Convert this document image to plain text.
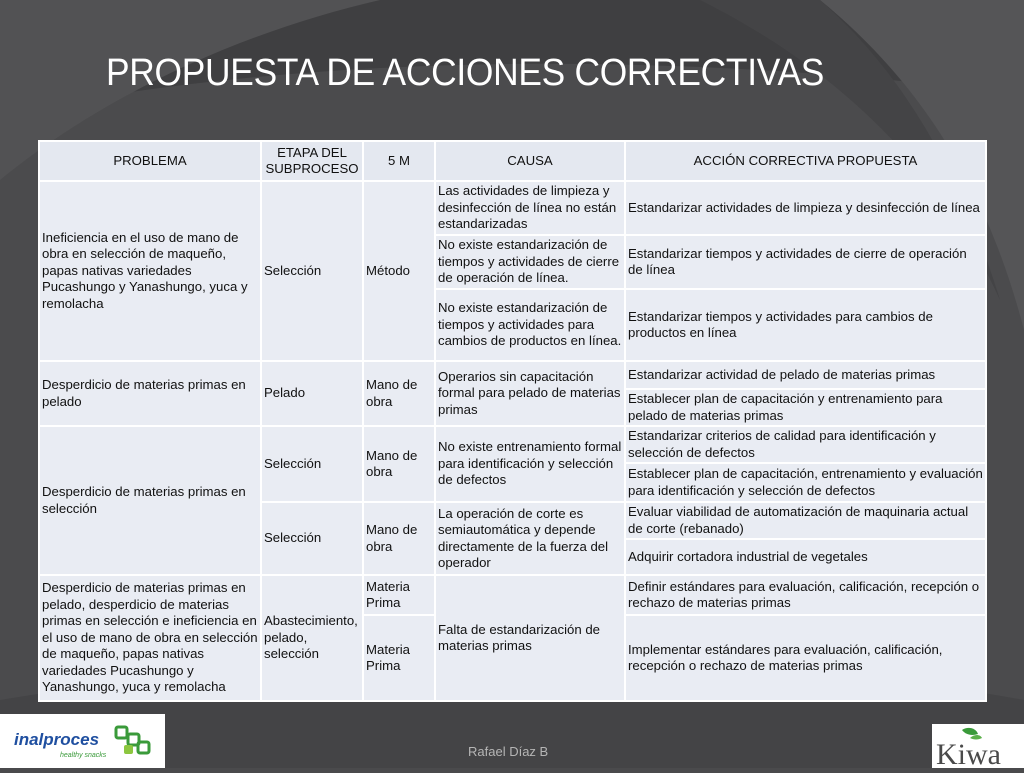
PROPUESTA DE ACCIONES CORRECTIVAS
PROBLEMA	ETAPA DEL SUBPROCESO	5 M	CAUSA	ACCIÓN CORRECTIVA PROPUESTA
Ineficiencia en el uso de mano de obra en selección de maqueño, papas nativas variedades Pucashungo y Yanashungo, yuca y remolacha	Selección	Método	Las actividades de limpieza y desinfección de línea no están estandarizadas	Estandarizar actividades de limpieza y desinfección de línea
			No existe estandarización de tiempos y actividades de cierre de operación de línea.	Estandarizar tiempos y actividades de cierre de operación de línea
			No existe estandarización de tiempos y actividades para cambios de productos en línea.	Estandarizar tiempos y actividades para cambios de productos en línea
Desperdicio de materias primas en pelado	Pelado	Mano de obra	Operarios sin capacitación formal para pelado de materias primas	Estandarizar actividad de pelado de materias primas
				Establecer plan de capacitación y entrenamiento para pelado de materias primas
Desperdicio de materias primas en selección	Selección	Mano de obra	No existe entrenamiento formal para identificación y selección de defectos	Estandarizar criterios de calidad para identificación y selección de defectos
				Establecer plan de capacitación, entrenamiento y evaluación para identificación y selección de defectos
	Selección	Mano de obra	La operación de corte es semiautomática y depende directamente de la fuerza del operador	Evaluar viabilidad de automatización de maquinaria actual de corte (rebanado)
				Adquirir cortadora industrial de vegetales
Desperdicio de materias primas en pelado, desperdicio de materias primas en selección e ineficiencia en el uso de mano de obra en selección de maqueño, papas nativas variedades Pucashungo y Yanashungo, yuca y remolacha	Abastecimiento, pelado, selección	Materia Prima	Falta de estandarización de materias primas	Definir estándares para evaluación, calificación, recepción o rechazo de materias primas
		Materia Prima		Implementar estándares para evaluación, calificación, recepción o rechazo de materias primas
inalproces
healthy snacks	Rafael Díaz B	Kiwa
